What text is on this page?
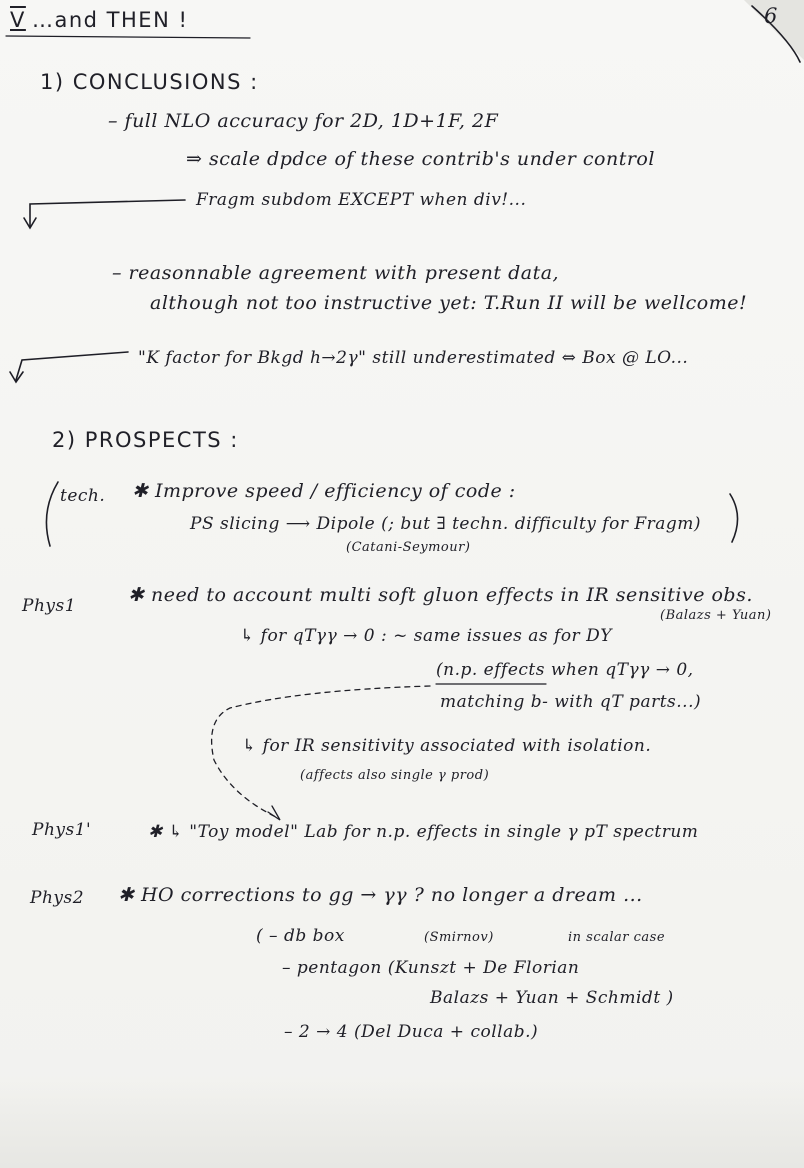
V …and THEN !	6
1) CONCLUSIONS :
– full NLO accuracy for 2D, 1D+1F, 2F
⇒ scale dpdce of these contrib's under control
Fragm subdom EXCEPT when div!...
– reasonnable agreement with present data,
although not too instructive yet: T.Run II will be wellcome!
"K factor for Bkgd h→2γ" still underestimated ⇔ Box @ LO...
2) PROSPECTS :
tech. ✱ Improve speed / efficiency of code :
PS slicing ⟶ Dipole (; but ∃ techn. difficulty for Fragm)
(Catani-Seymour)
Phys1	✱ need to account multi soft gluon effects in IR sensitive obs.
(Balazs + Yuan)
↳ for qTγγ → 0 : ~ same issues as for DY
(n.p. effects when qTγγ → 0,
matching b- with qT parts...)
↳ for IR sensitivity associated with isolation.
(affects also single γ prod)
Phys1'	✱ ↳ "Toy model" Lab for n.p. effects in single γ pT spectrum
Phys2 ✱ HO corrections to gg → γγ ? no longer a dream ...
( – db box	(Smirnov)	in scalar case
– pentagon (Kunszt + De Florian
Balazs + Yuan + Schmidt )
– 2 → 4 (Del Duca + collab.)
